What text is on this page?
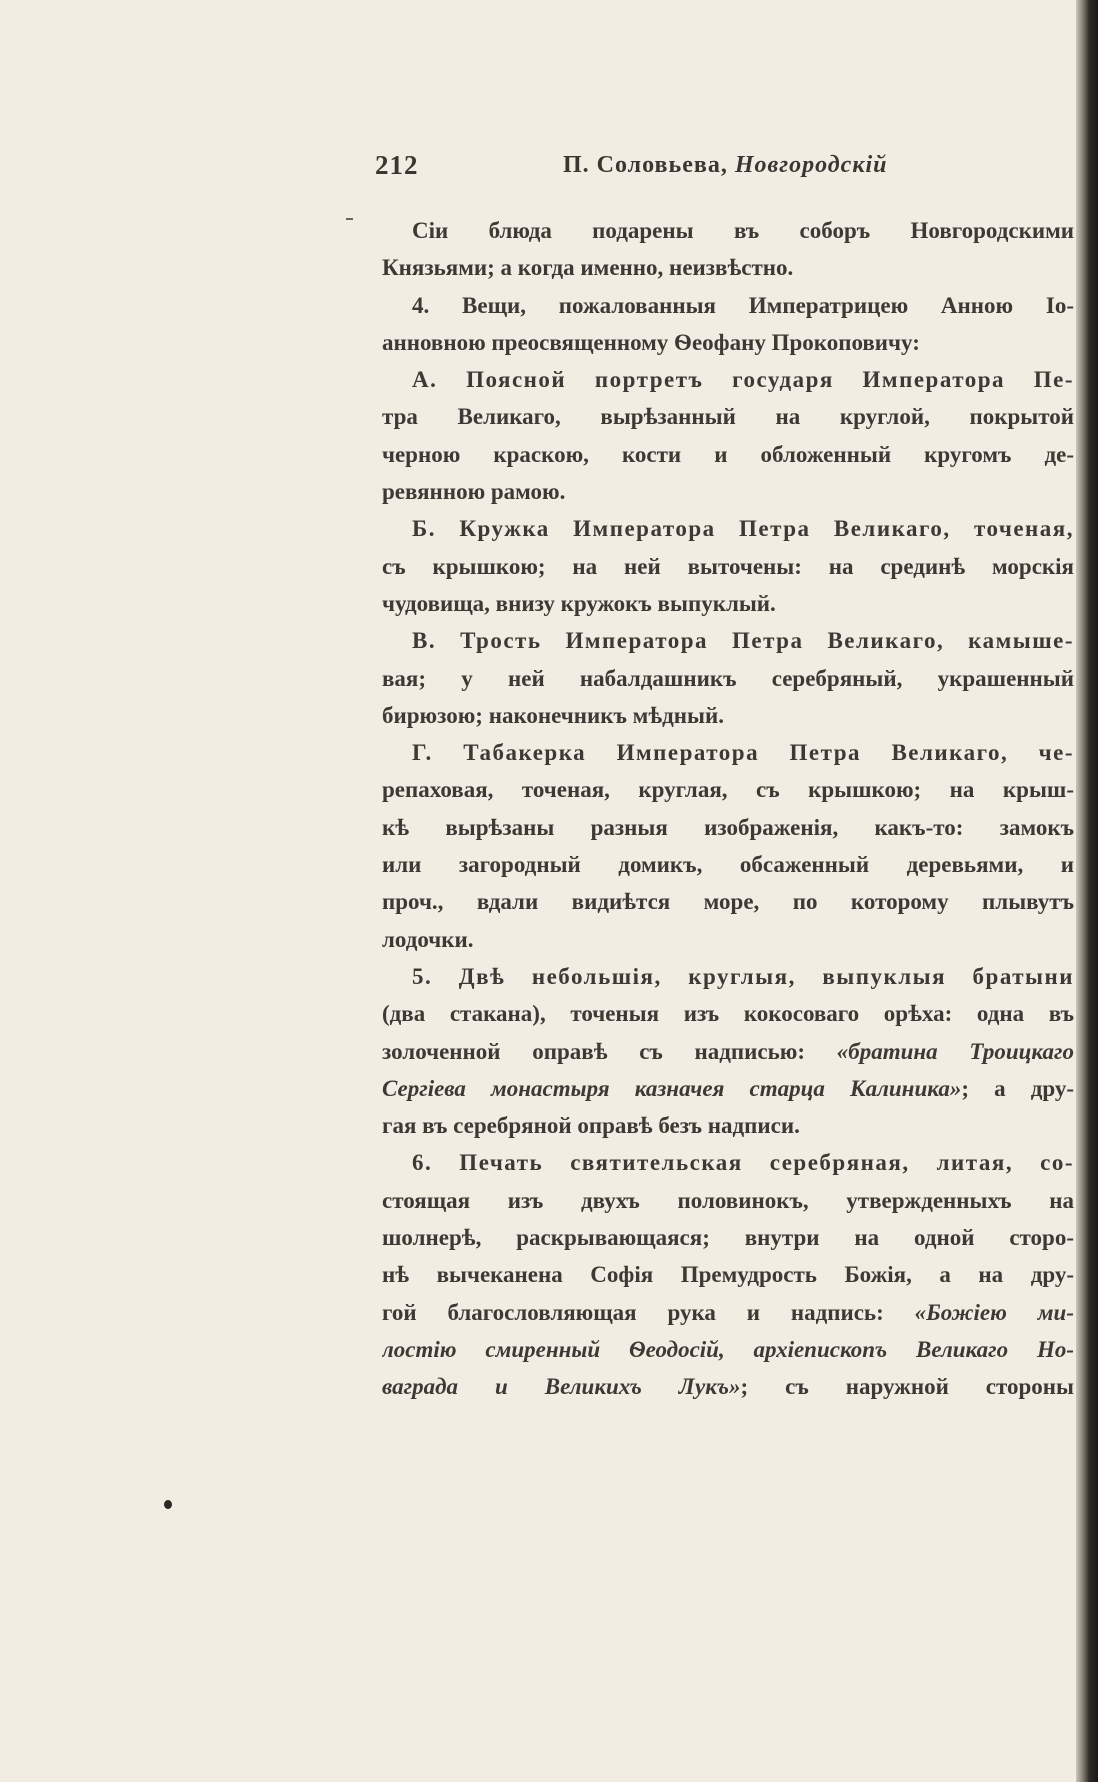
212	П. Соловьева, Новгородскій
Сіи блюда подарены въ соборъ Новгородскими
Князьями; а когда именно, неизвѣстно.
4. Вещи, пожалованныя Императрицею Анною Іо-
анновною преосвященному Ѳеофану Прокоповичу:
А. Поясной портретъ государя Императора Пе-
тра Великаго, вырѣзанный на круглой, покрытой
черною краскою, кости и обложенный кругомъ де-
ревянною рамою.
Б. Кружка Императора Петра Великаго, точеная,
съ крышкою; на ней выточены: на срединѣ морскія
чудовища, внизу кружокъ выпуклый.
В. Трость Императора Петра Великаго, камыше-
вая; у ней набалдашникъ серебряный, украшенный
бирюзою; наконечникъ мѣдный.
Г. Табакерка Императора Петра Великаго, че-
репаховая, точеная, круглая, съ крышкою; на крыш-
кѣ вырѣзаны разныя изображенія, какъ-то: замокъ
или загородный домикъ, обсаженный деревьями, и
проч., вдали видиѣтся море, по которому плывутъ
лодочки.
5. Двѣ небольшія, круглыя, выпуклыя братыни
(два стакана), точеныя изъ кокосоваго орѣха: одна въ
золоченной оправѣ съ надписью: «братина Троицкаго
Сергіева монастыря казначея старца Калиника»; а дру-
гая въ серебряной оправѣ безъ надписи.
6. Печать святительская серебряная, литая, со-
стоящая изъ двухъ половинокъ, утвержденныхъ на
шолнерѣ, раскрывающаяся; внутри на одной сторо-
нѣ вычеканена Софія Премудрость Божія, а на дру-
гой благословляющая рука и надпись: «Божіею ми-
лостію смиренный Ѳеодосій, архіепископъ Великаго Но-
ваграда и Великихъ Лукъ»; съ наружной стороны
